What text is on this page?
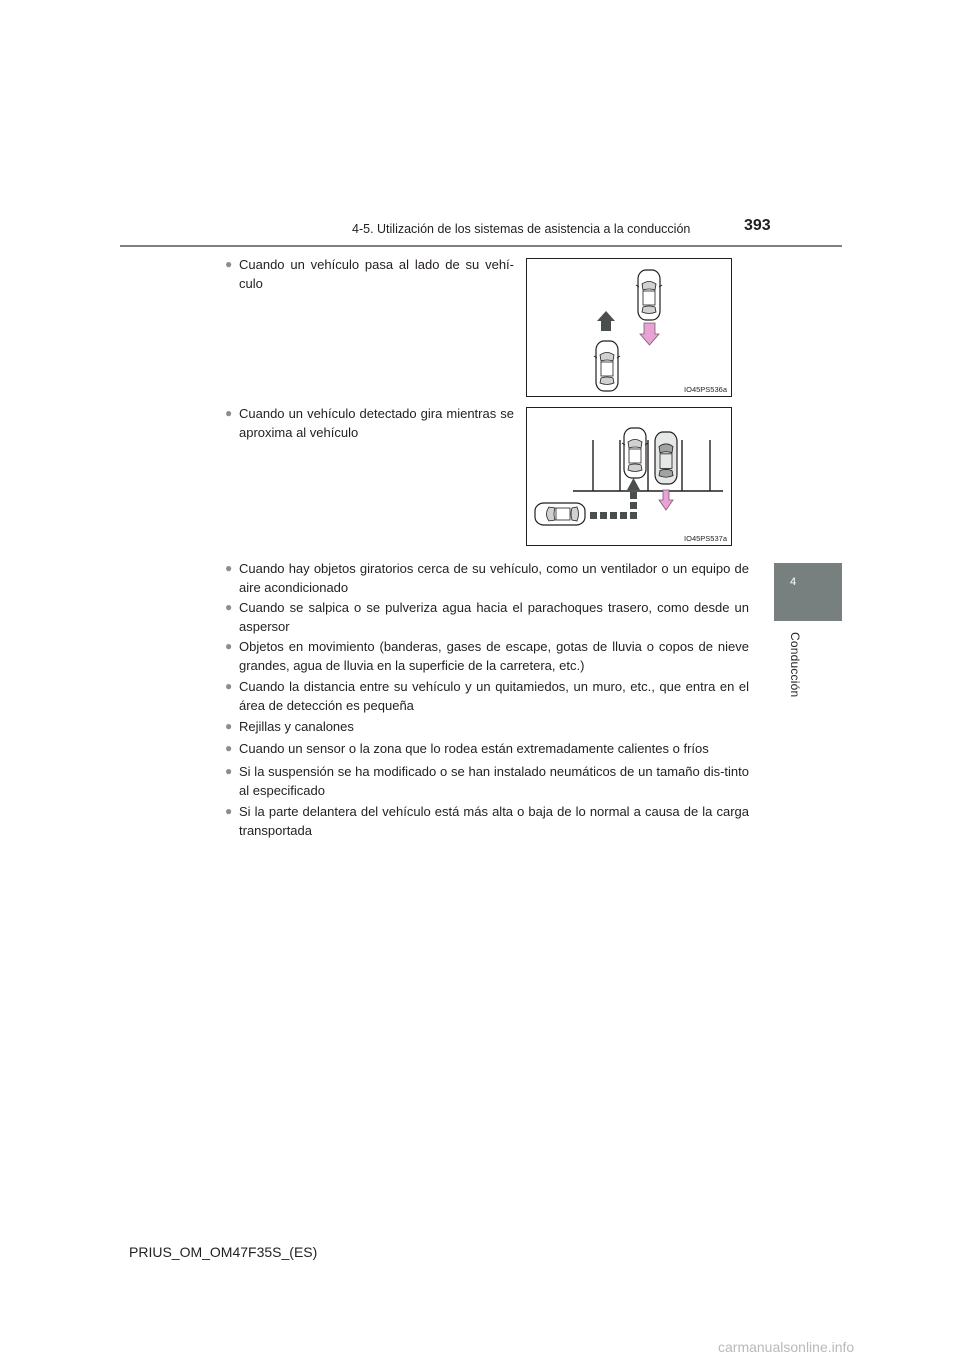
4-5. Utilización de los sistemas de asistencia a la conducción	393
4
Conducción
● Cuando un vehículo pasa al lado de su vehí-culo
IO45PS536a
● Cuando un vehículo detectado gira mientras se aproxima al vehículo
IO45PS537a
● Cuando hay objetos giratorios cerca de su vehículo, como un ventilador o un equipo de aire acondicionado
● Cuando se salpica o se pulveriza agua hacia el parachoques trasero, como desde un aspersor
● Objetos en movimiento (banderas, gases de escape, gotas de lluvia o copos de nieve grandes, agua de lluvia en la superficie de la carretera, etc.)
● Cuando la distancia entre su vehículo y un quitamiedos, un muro, etc., que entra en el área de detección es pequeña
● Rejillas y canalones
● Cuando un sensor o la zona que lo rodea están extremadamente calientes o fríos
● Si la suspensión se ha modificado o se han instalado neumáticos de un tamaño dis-tinto al especificado
● Si la parte delantera del vehículo está más alta o baja de lo normal a causa de la carga transportada
PRIUS_OM_OM47F35S_(ES)
carmanualsonline.info
